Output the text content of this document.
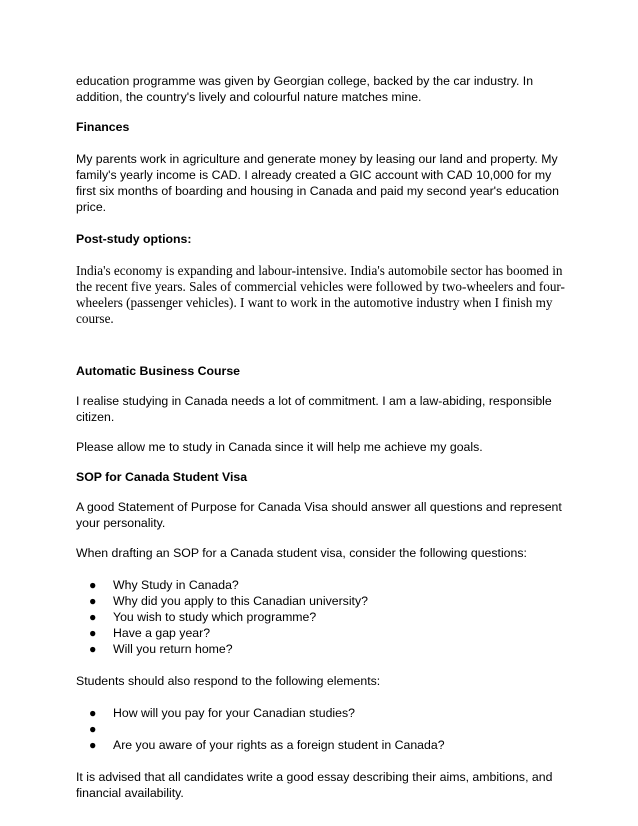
education programme was given by Georgian college, backed by the car industry. In addition, the country's lively and colourful nature matches mine.

Finances

My parents work in agriculture and generate money by leasing our land and property. My family's yearly income is CAD. I already created a GIC account with CAD 10,000 for my first six months of boarding and housing in Canada and paid my second year's education price.

Post-study options:

India's economy is expanding and labour-intensive. India's automobile sector has boomed in the recent five years. Sales of commercial vehicles were followed by two-wheelers and four-wheelers (passenger vehicles). I want to work in the automotive industry when I finish my course.

Automatic Business Course

I realise studying in Canada needs a lot of commitment. I am a law-abiding, responsible citizen.

Please allow me to study in Canada since it will help me achieve my goals.

SOP for Canada Student Visa

A good Statement of Purpose for Canada Visa should answer all questions and represent your personality.

When drafting an SOP for a Canada student visa, consider the following questions:

● Why Study in Canada?
● Why did you apply to this Canadian university?
● You wish to study which programme?
● Have a gap year?
● Will you return home?

Students should also respond to the following elements:

● How will you pay for your Canadian studies?
●
● Are you aware of your rights as a foreign student in Canada?

It is advised that all candidates write a good essay describing their aims, ambitions, and financial availability.
